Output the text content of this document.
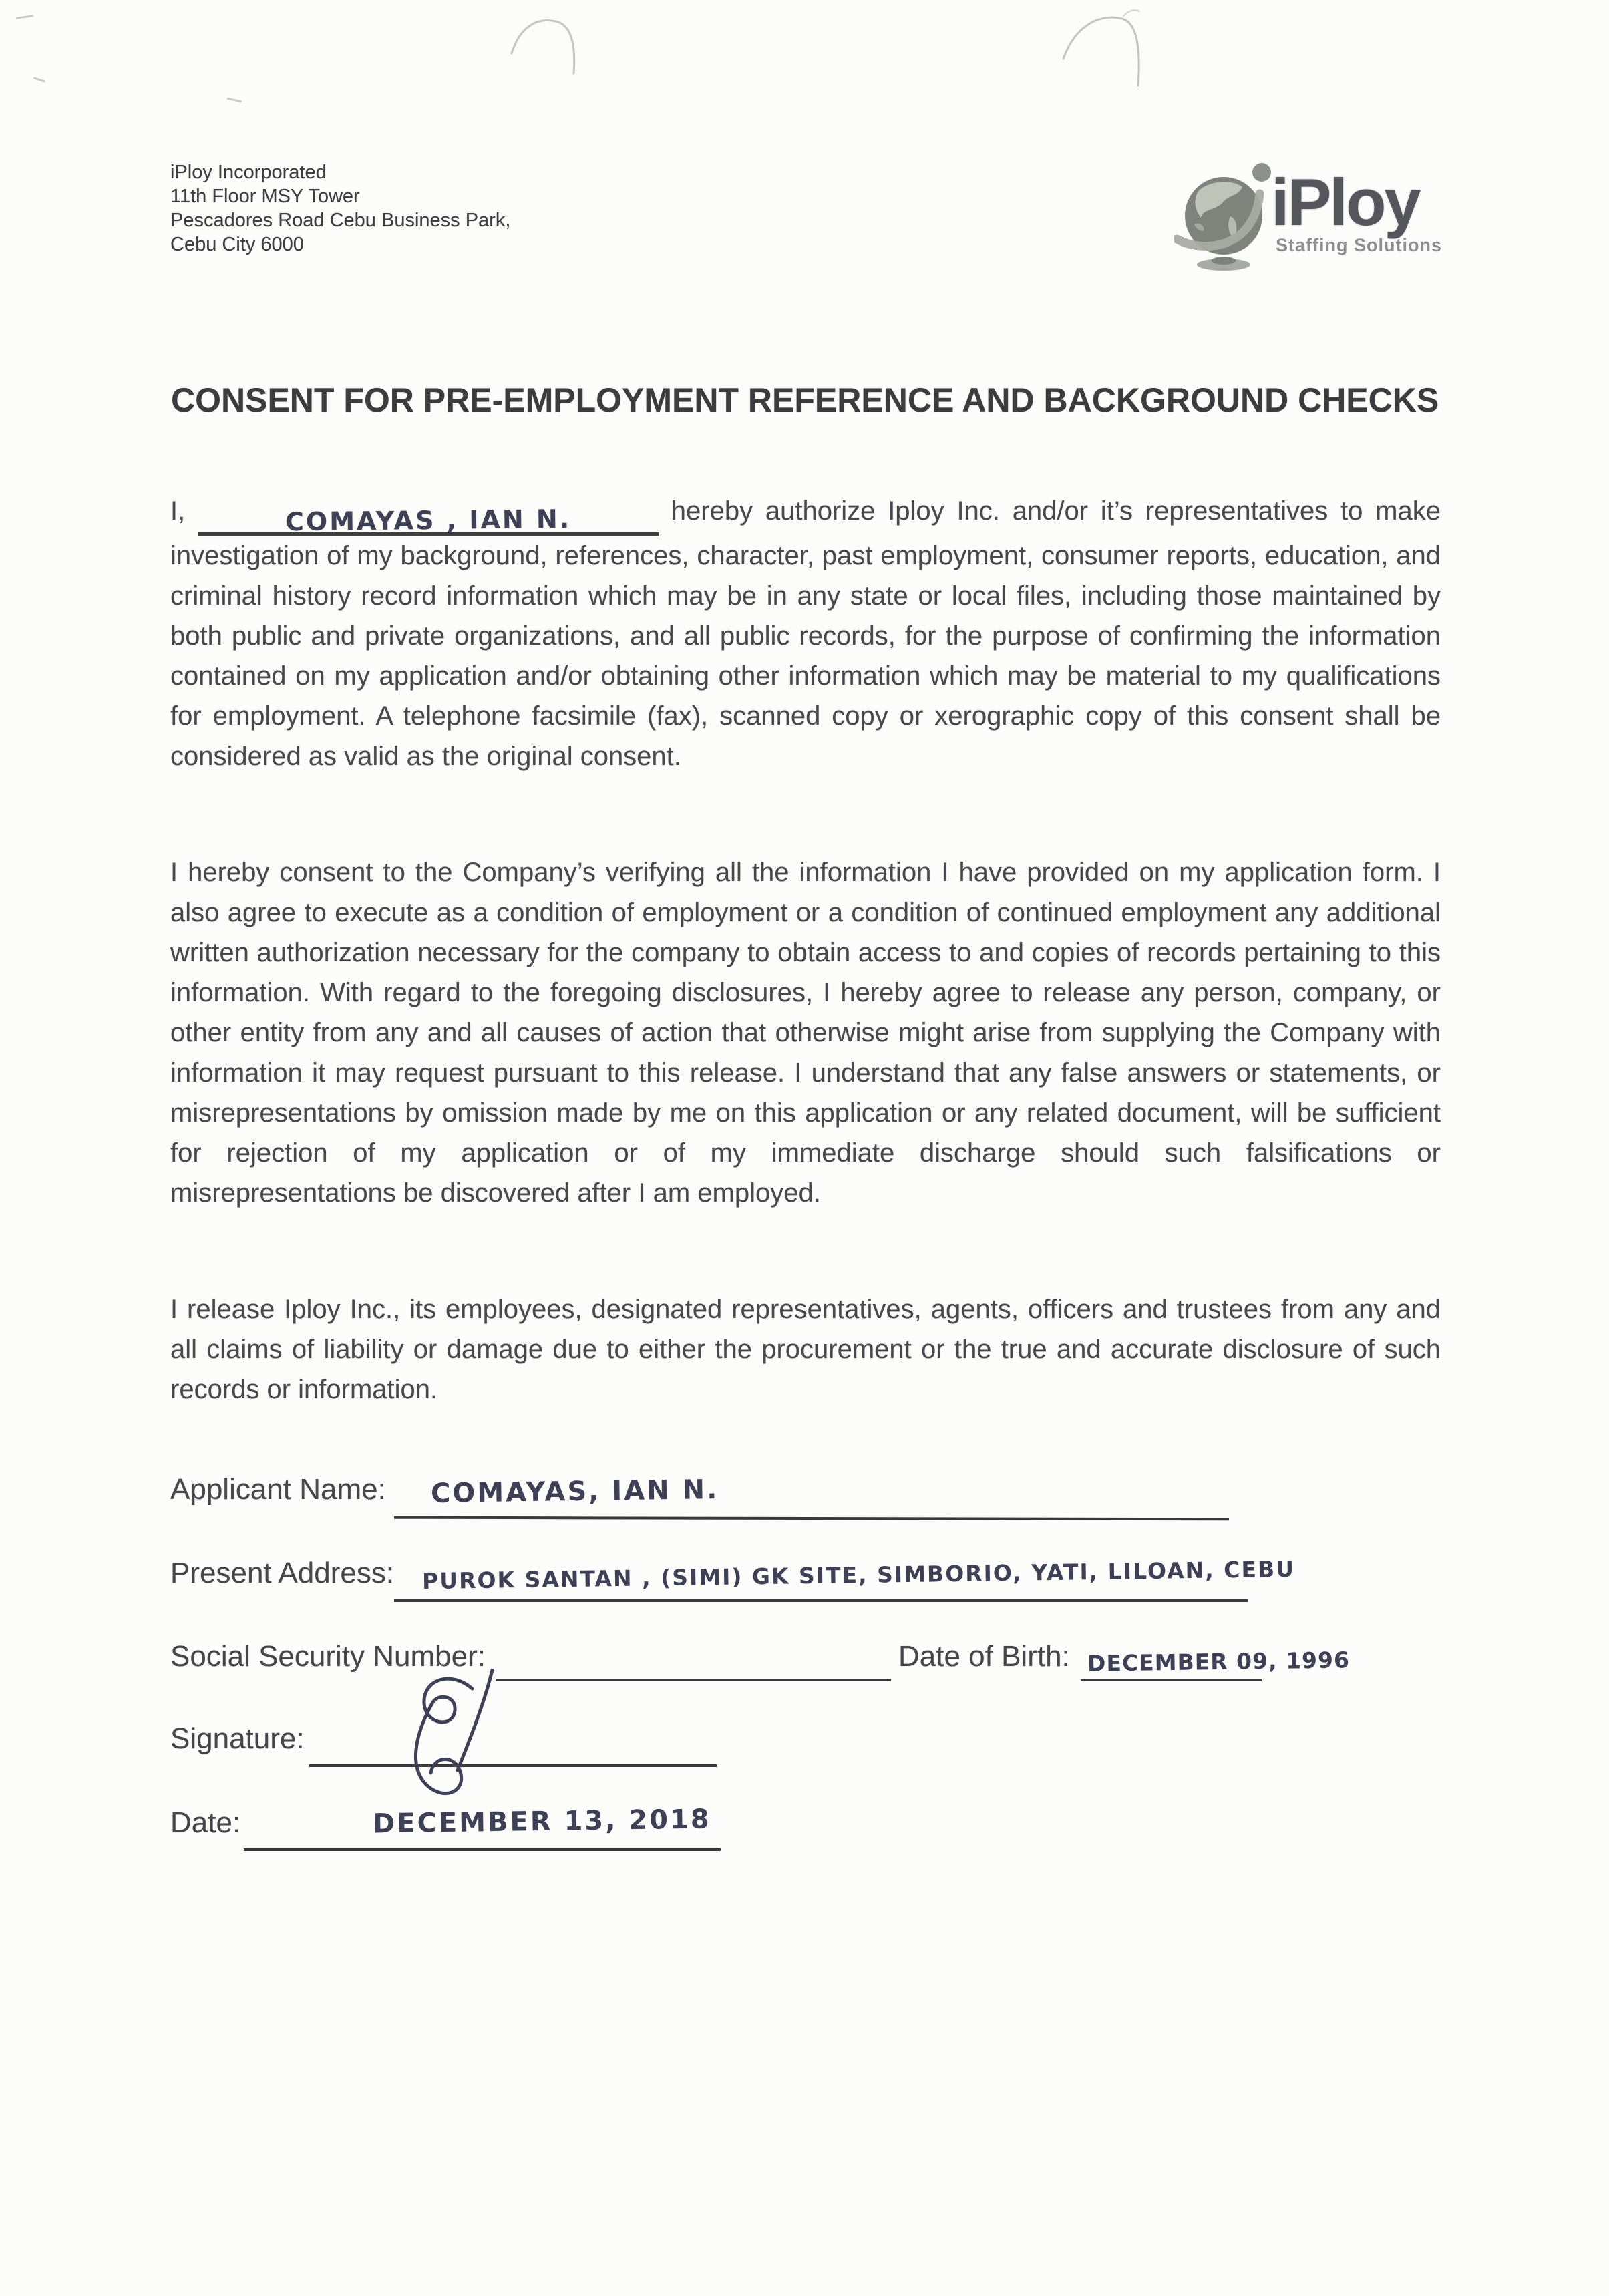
iPloy Incorporated
11th Floor MSY Tower
Pescadores Road Cebu Business Park,
Cebu City 6000
iPloy
Staffing Solutions
CONSENT FOR PRE-EMPLOYMENT REFERENCE AND BACKGROUND CHECKS

I,	COMAYAS , IAN N.	hereby authorize Iploy Inc. and/or it’s representatives to make investigation of my background, references, character, past employment, consumer reports, education, and criminal history record information which may be in any state or local files, including those maintained by both public and private organizations, and all public records, for the purpose of confirming the information contained on my application and/or obtaining other information which may be material to my qualifications for employment. A telephone facsimile (fax), scanned copy or xerographic copy of this consent shall be considered as valid as the original consent.

I hereby consent to the Company’s verifying all the information I have provided on my application form. I also agree to execute as a condition of employment or a condition of continued employment any additional written authorization necessary for the company to obtain access to and copies of records pertaining to this information. With regard to the foregoing disclosures, I hereby agree to release any person, company, or other entity from any and all causes of action that otherwise might arise from supplying the Company with information it may request pursuant to this release. I understand that any false answers or statements, or misrepresentations by omission made by me on this application or any related document, will be sufficient for rejection of my application or of my immediate discharge should such falsifications or misrepresentations be discovered after I am employed.

I release Iploy Inc., its employees, designated representatives, agents, officers and trustees from any and all claims of liability or damage due to either the procurement or the true and accurate disclosure of such records or information.

Applicant Name: COMAYAS, IAN N.
Present Address: PUROK SANTAN , (SIMI) GK SITE, SIMBORIO, YATI, LILOAN, CEBU
Social Security Number:	Date of Birth: DECEMBER 09, 1996
Signature:
Date:	DECEMBER 13, 2018
